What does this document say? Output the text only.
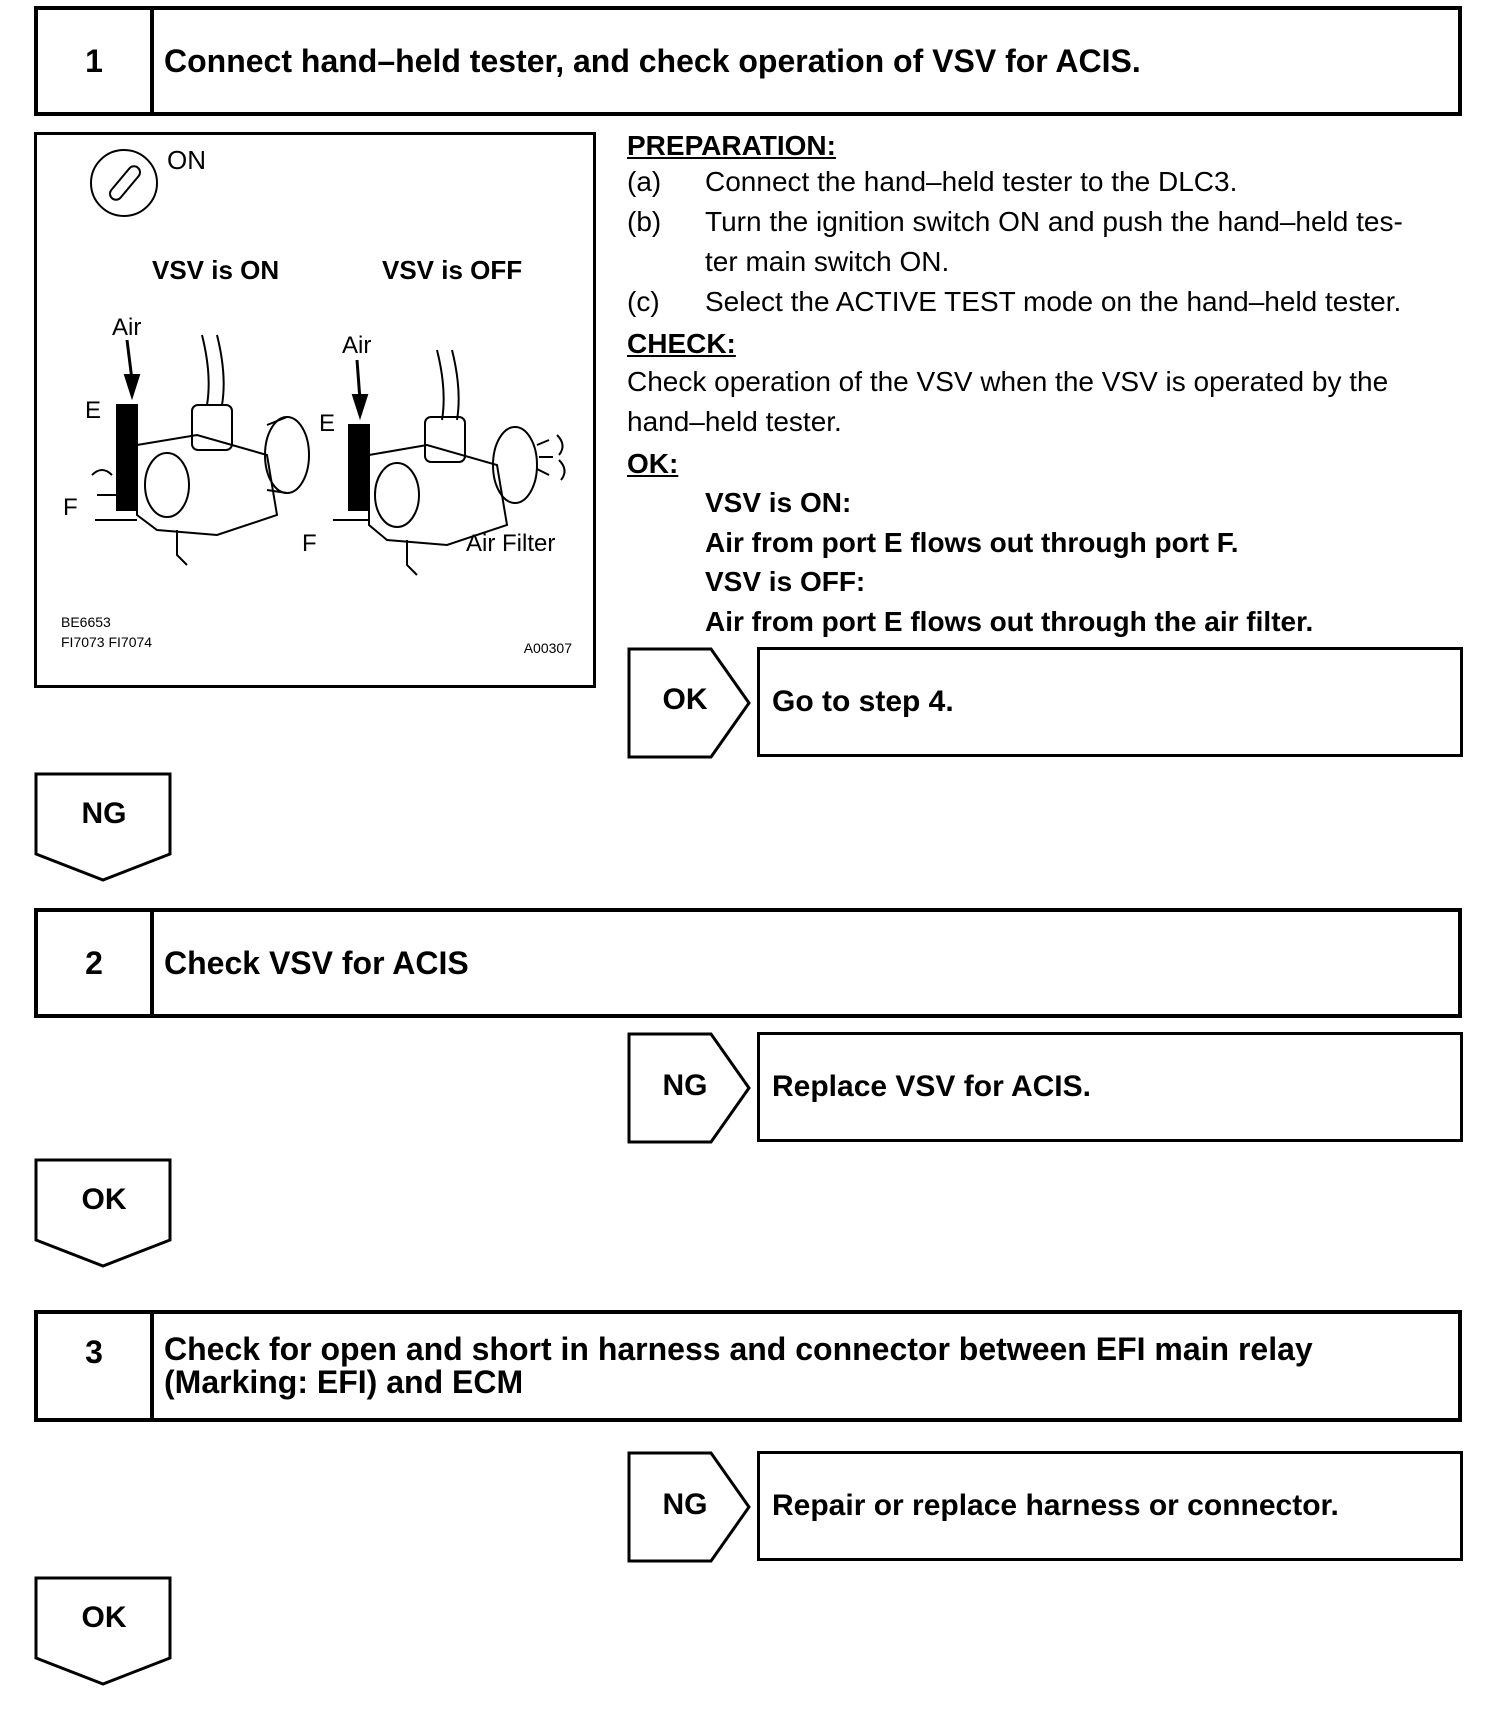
1	Connect hand–held tester, and check operation of VSV for ACIS.
ON
VSV is ON	VSV is OFF
Air
Air
E
F
E
F	Air Filter
BE6653
FI7073 FI7074	A00307
PREPARATION:
(a) Connect the hand–held tester to the DLC3.
(b) Turn the ignition switch ON and push the hand–held tes-
ter main switch ON.
(c) Select the ACTIVE TEST mode on the hand–held tester.
CHECK:
Check operation of the VSV when the VSV is operated by the
hand–held tester.
OK:
VSV is ON:
Air from port E flows out through port F.
VSV is OFF:
Air from port E flows out through the air filter.
OK	Go to step 4.
NG
2	Check VSV for ACIS
NG	Replace VSV for ACIS.
OK
3	Check for open and short in harness and connector between EFI main relay
(Marking: EFI) and ECM
NG	Repair or replace harness or connector.
OK
